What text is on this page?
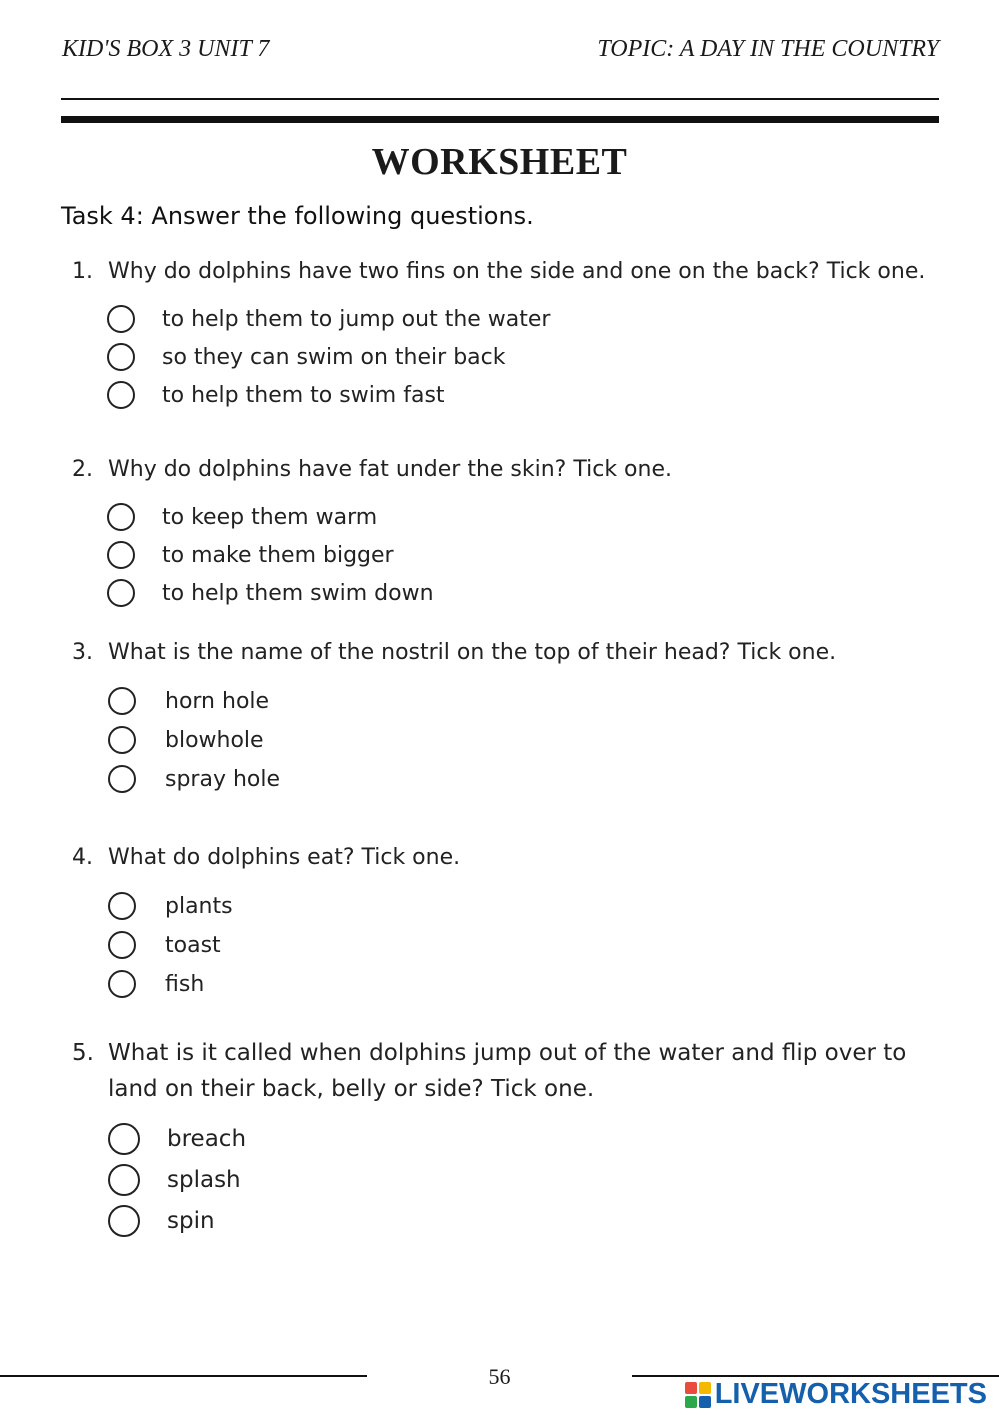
KID'S BOX 3 UNIT 7	TOPIC: A DAY IN THE COUNTRY
WORKSHEET
Task 4: Answer the following questions.
1. Why do dolphins have two fins on the side and one on the back? Tick one.
to help them to jump out the water
so they can swim on their back
to help them to swim fast
2. Why do dolphins have fat under the skin? Tick one.
to keep them warm
to make them bigger
to help them swim down
3. What is the name of the nostril on the top of their head? Tick one.
horn hole
blowhole
spray hole
4. What do dolphins eat? Tick one.
plants
toast
fish
5. What is it called when dolphins jump out of the water and flip over to land on their back, belly or side? Tick one.
breach
splash
spin
56
LIVEWORKSHEETS
